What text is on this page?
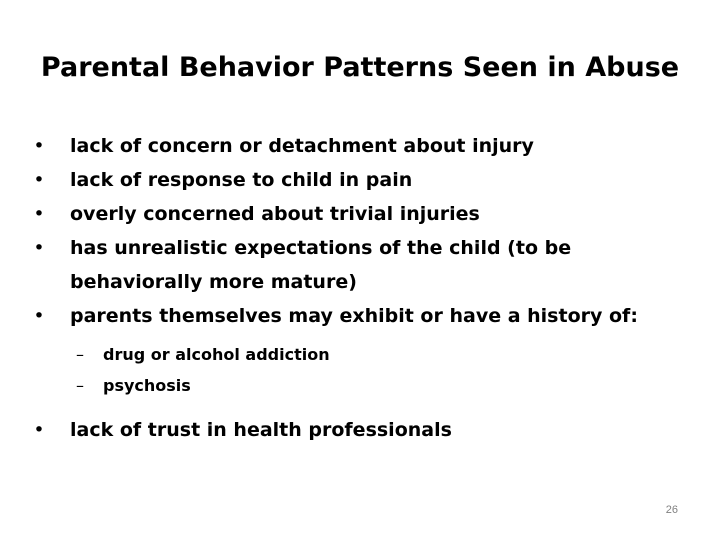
Parental Behavior Patterns Seen in Abuse
• lack of concern or detachment about injury
• lack of response to child in pain
• overly concerned about trivial injuries
• has unrealistic expectations of the child (to be behaviorally more mature)
• parents themselves may exhibit or have a history of:
–	drug or alcohol addiction
–	psychosis
• lack of trust in health professionals
26
